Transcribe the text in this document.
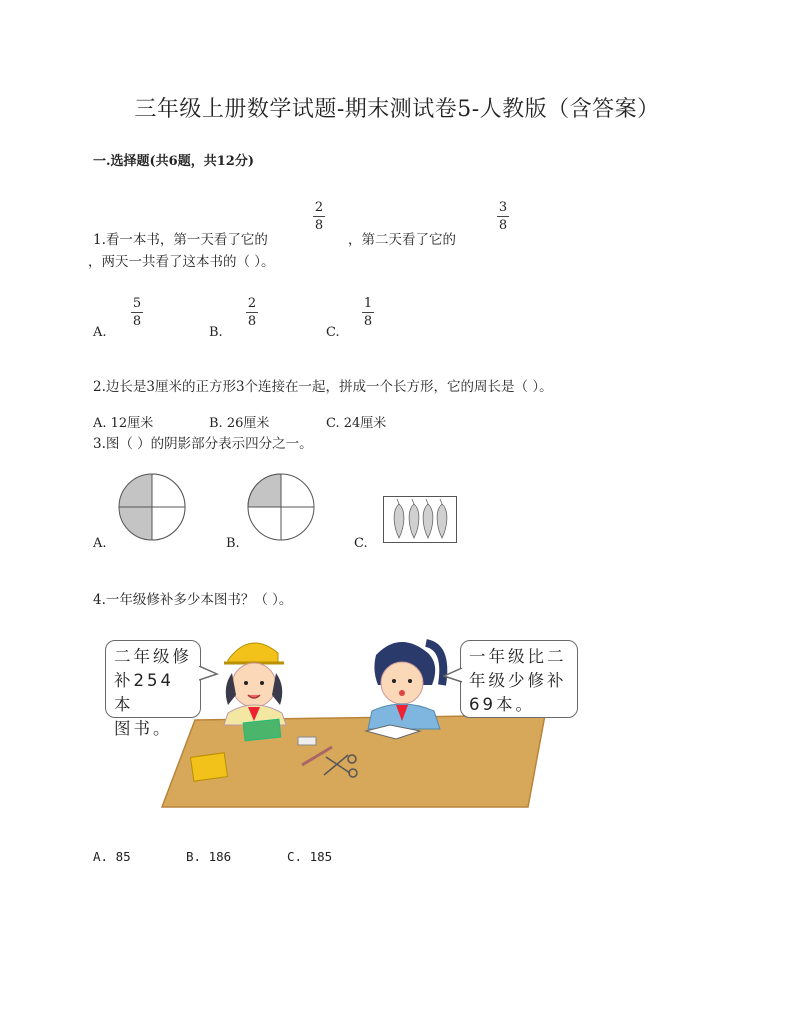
三年级上册数学试题-期末测试卷5-人教版（含答案）
一.选择题(共6题，共12分)
1.看一本书，第一天看了它的
2
8
，第二天看了它的
3
8
，两天一共看了这本书的（ ）。
A.
5
8
B.
2
8
C.
1
8
2.边长是3厘米的正方形3个连接在一起，拼成一个长方形，它的周长是（ ）。
A. 12厘米	B. 26厘米	C. 24厘米
3.图（ ）的阴影部分表示四分之一。
A.	B.	C.
4.一年级修补多少本图书？（ ）。
二年级修
补254本
图书。
一年级比二
年级少修补
69本。
A. 85	B. 186	C. 185
